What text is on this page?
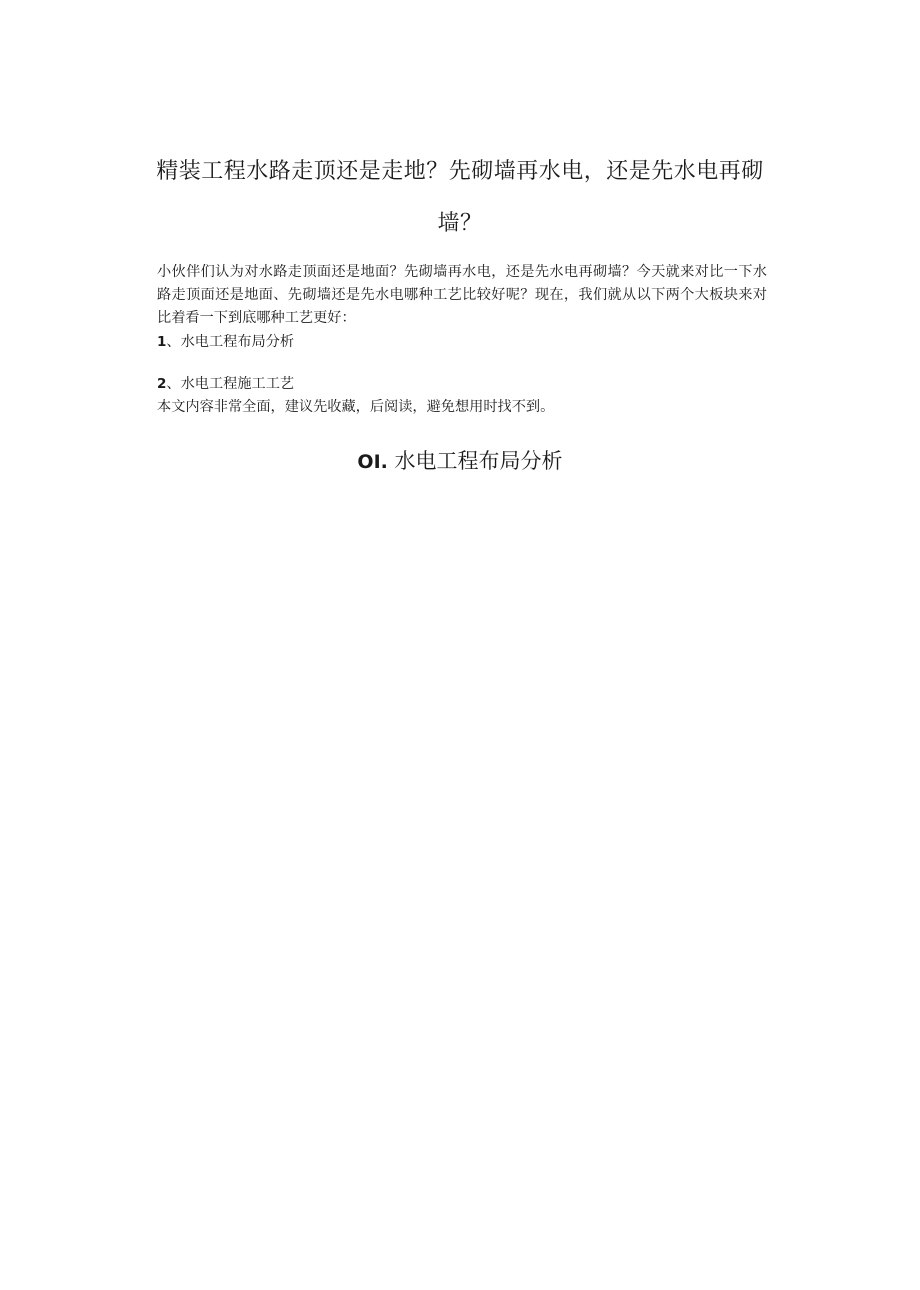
精装工程水路走顶还是走地？先砌墙再水电，还是先水电再砌墙？

小伙伴们认为对水路走顶面还是地面？先砌墙再水电，还是先水电再砌墙？今天就来对比一下水路走顶面还是地面、先砌墙还是先水电哪种工艺比较好呢？现在，我们就从以下两个大板块来对比着看一下到底哪种工艺更好：

1、水电工程布局分析

2、水电工程施工工艺

本文内容非常全面，建议先收藏，后阅读，避免想用时找不到。

OI. 水电工程布局分析
